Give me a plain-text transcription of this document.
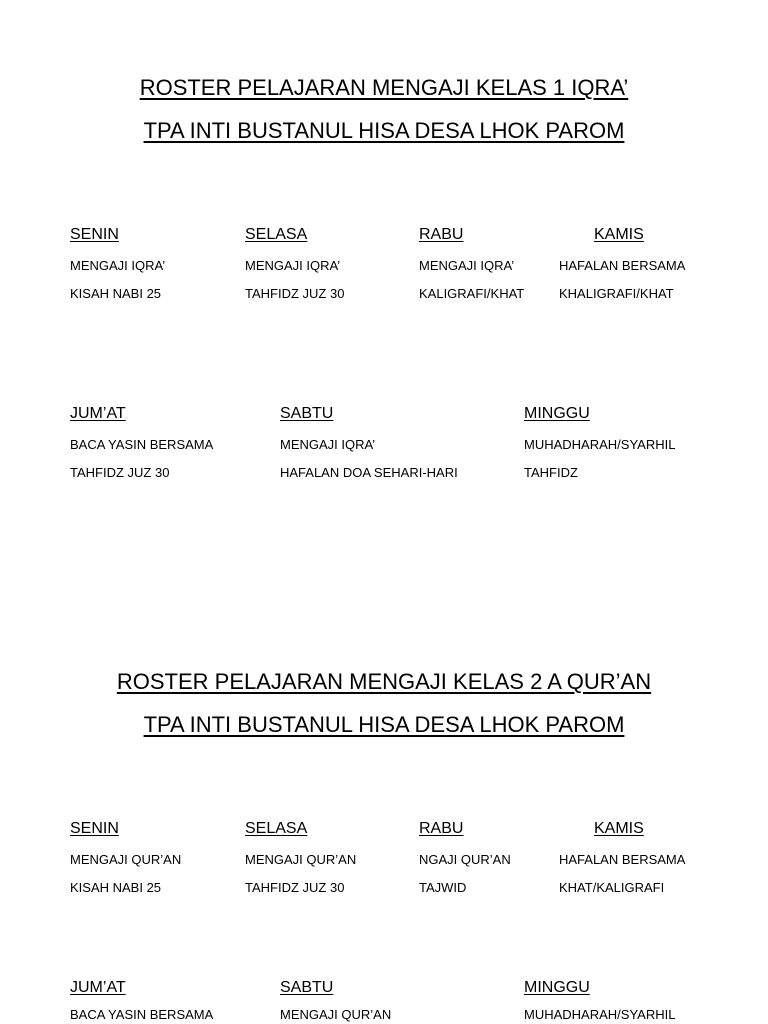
ROSTER PELAJARAN MENGAJI KELAS 1 IQRA’
TPA INTI BUSTANUL HISA DESA LHOK PAROM
SENIN
MENGAJI IQRA’
KISAH NABI 25
SELASA
MENGAJI IQRA’
TAHFIDZ JUZ 30
RABU
MENGAJI IQRA’
KALIGRAFI/KHAT
KAMIS
HAFALAN BERSAMA
KHALIGRAFI/KHAT
JUM’AT
BACA YASIN BERSAMA
TAHFIDZ JUZ 30
SABTU
MENGAJI IQRA’
HAFALAN DOA SEHARI-HARI
MINGGU
MUHADHARAH/SYARHIL
TAHFIDZ
ROSTER PELAJARAN MENGAJI KELAS 2 A QUR’AN
TPA INTI BUSTANUL HISA DESA LHOK PAROM
SENIN
MENGAJI QUR’AN
KISAH NABI 25
SELASA
MENGAJI QUR’AN
TAHFIDZ JUZ 30
RABU
NGAJI QUR’AN
TAJWID
KAMIS
HAFALAN BERSAMA
KHAT/KALIGRAFI
JUM’AT
BACA YASIN BERSAMA
SABTU
MENGAJI QUR’AN
MINGGU
MUHADHARAH/SYARHIL
